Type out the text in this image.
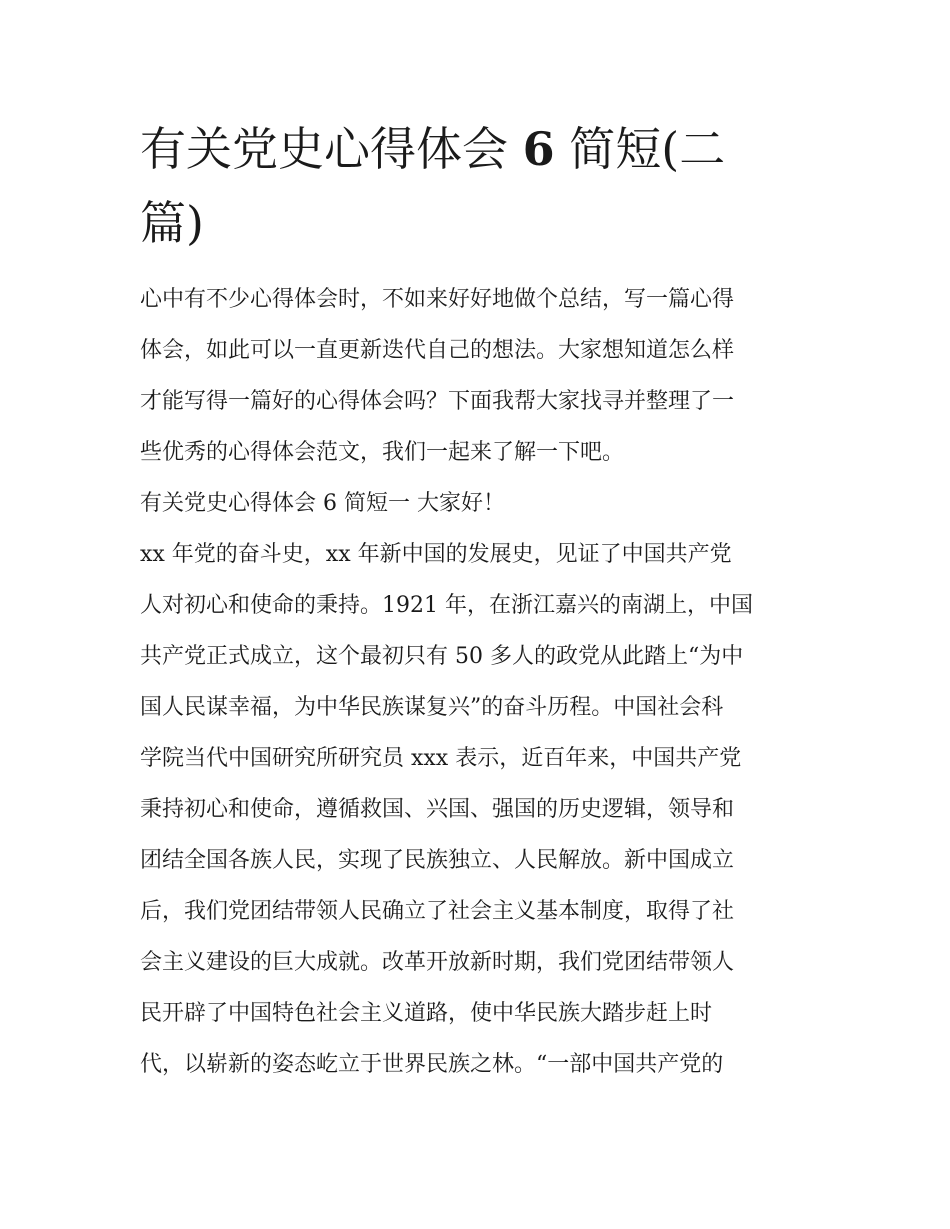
有关党史心得体会 6 简短(二
篇)

心中有不少心得体会时，不如来好好地做个总结，写一篇心得
体会，如此可以一直更新迭代自己的想法。大家想知道怎么样
才能写得一篇好的心得体会吗？下面我帮大家找寻并整理了一
些优秀的心得体会范文，我们一起来了解一下吧。

有关党史心得体会 6 简短一 大家好！

xx 年党的奋斗史，xx 年新中国的发展史，见证了中国共产党
人对初心和使命的秉持。1921 年，在浙江嘉兴的南湖上，中国
共产党正式成立，这个最初只有 50 多人的政党从此踏上“为中
国人民谋幸福，为中华民族谋复兴”的奋斗历程。中国社会科
学院当代中国研究所研究员 xxx 表示，近百年来，中国共产党
秉持初心和使命，遵循救国、兴国、强国的历史逻辑，领导和
团结全国各族人民，实现了民族独立、人民解放。新中国成立
后，我们党团结带领人民确立了社会主义基本制度，取得了社
会主义建设的巨大成就。改革开放新时期，我们党团结带领人
民开辟了中国特色社会主义道路，使中华民族大踏步赶上时
代，以崭新的姿态屹立于世界民族之林。“一部中国共产党的
